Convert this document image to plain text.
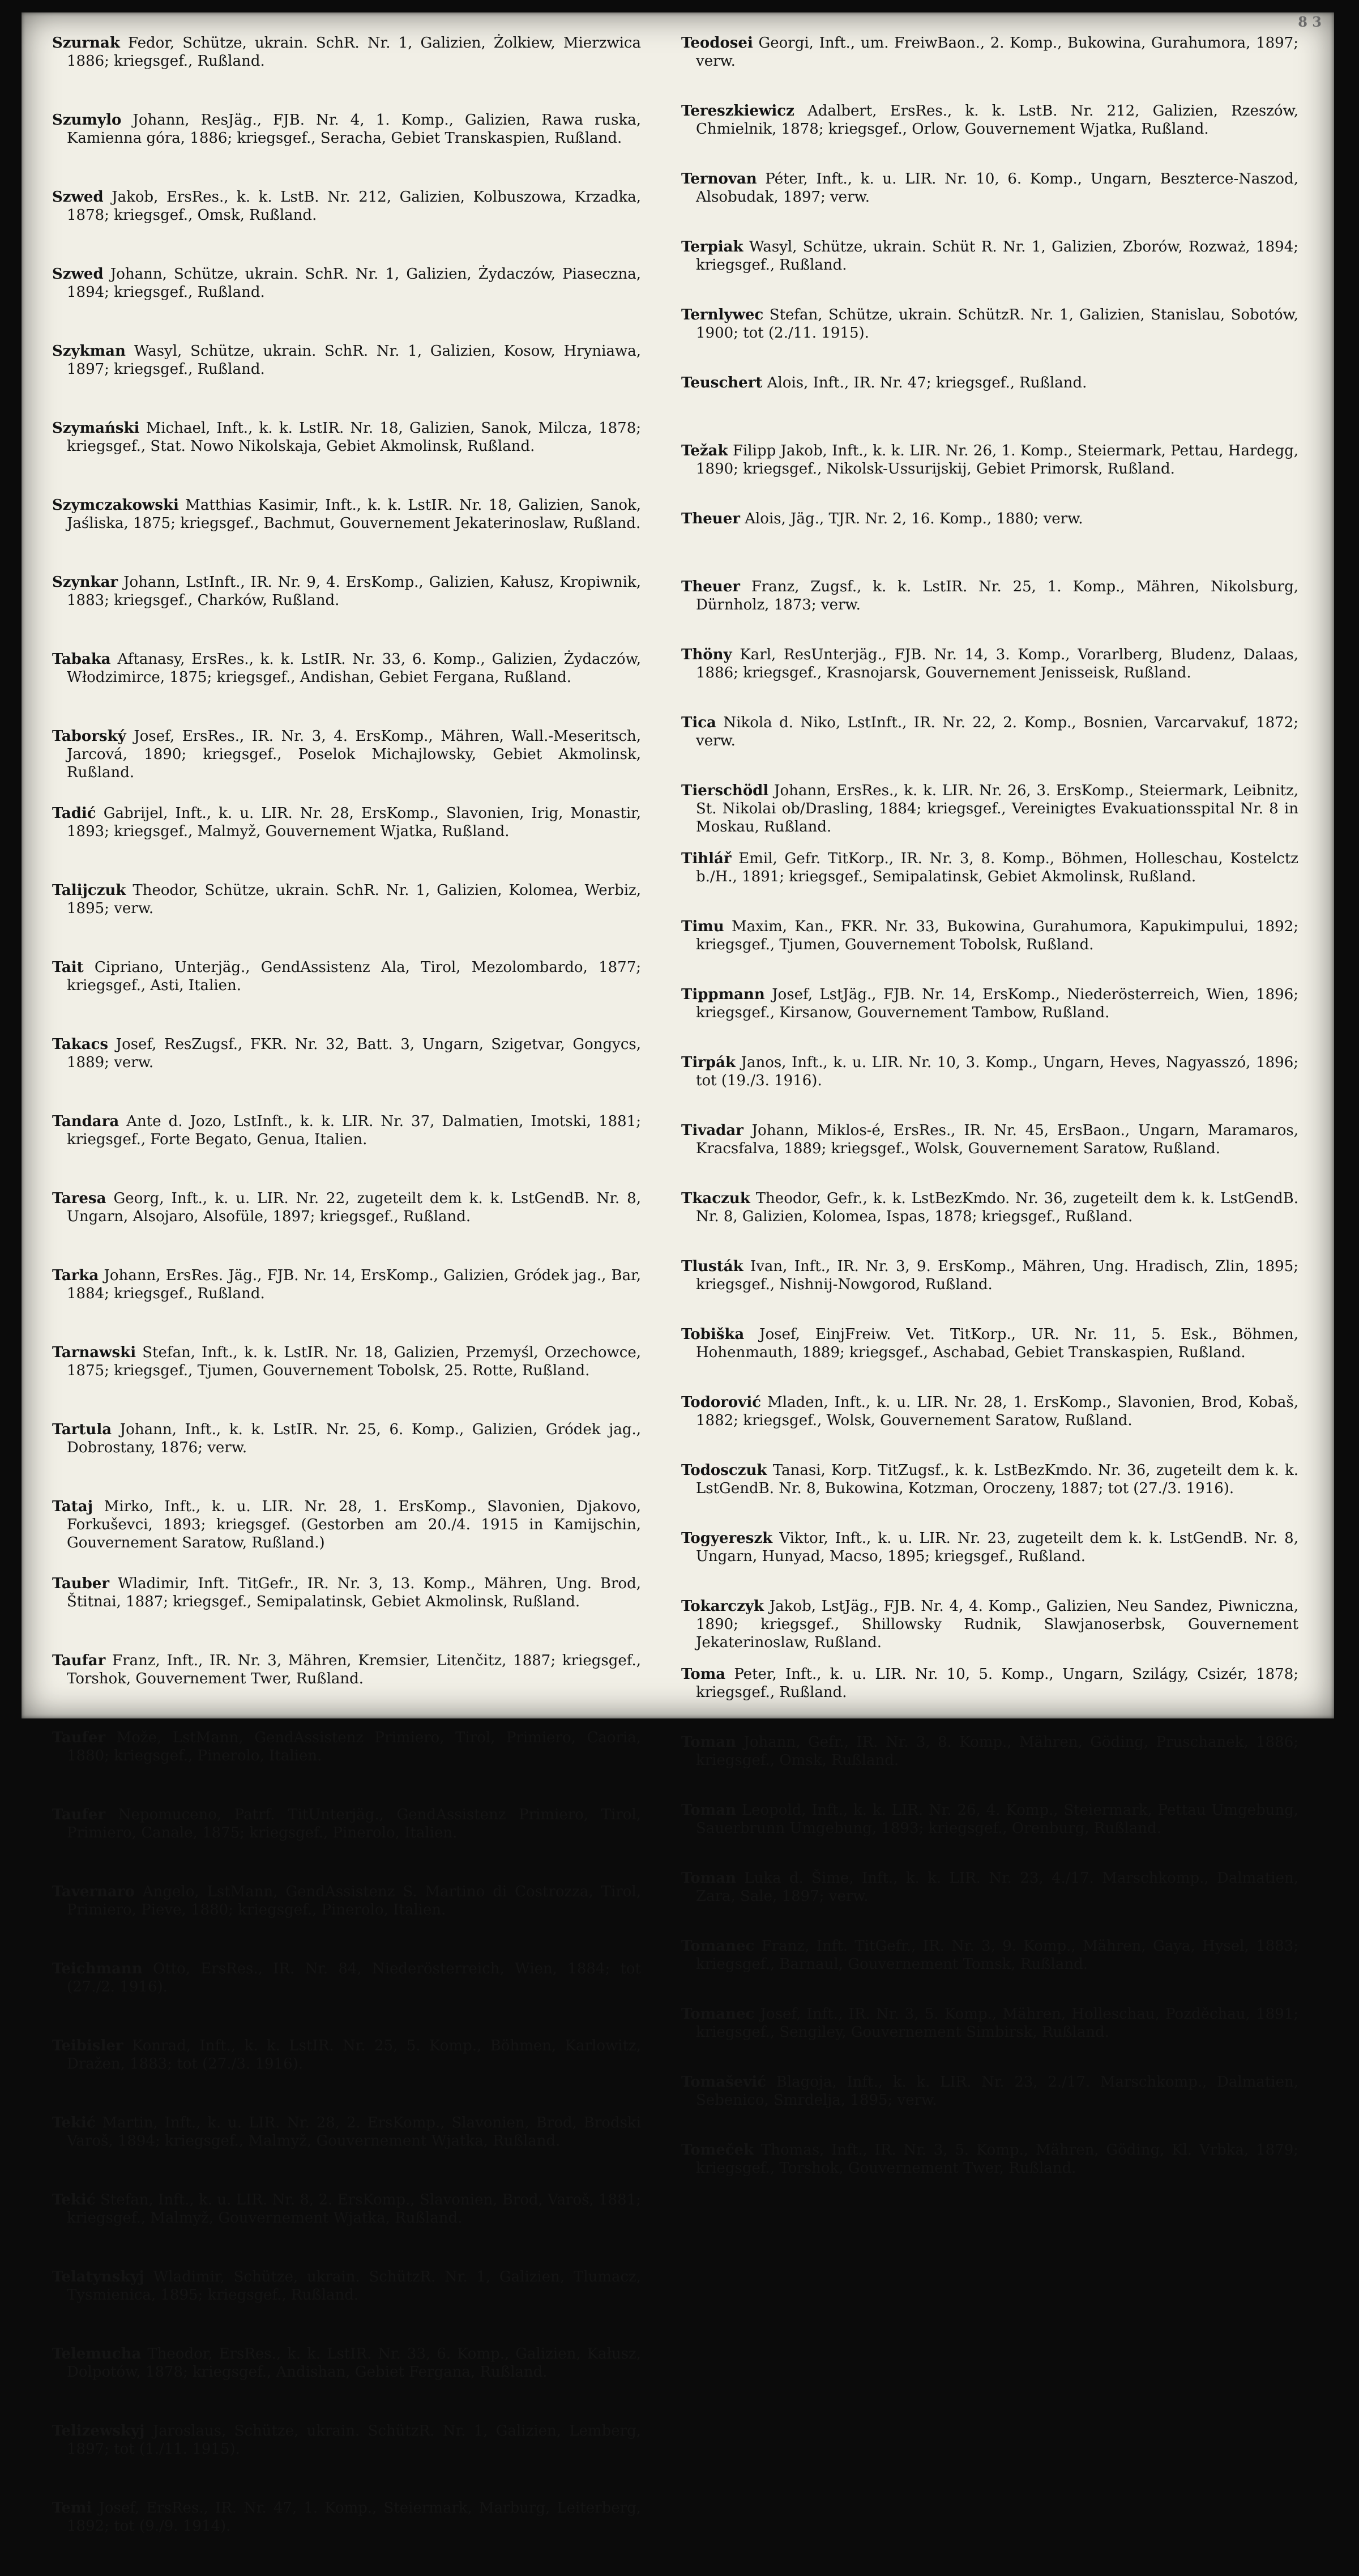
8 3

Szurnak Fedor, Schütze, ukrain. SchR. Nr. 1, Galizien, Żolkiew, Mierzwica 1886; kriegsgef., Rußland.

Szumylo Johann, ResJäg., FJB. Nr. 4, 1. Komp., Galizien, Rawa ruska, Kamienna góra, 1886; kriegsgef., Seracha, Gebiet Transkaspien, Rußland.

Szwed Jakob, ErsRes., k. k. LstB. Nr. 212, Galizien, Kolbuszowa, Krzadka, 1878; kriegsgef., Omsk, Rußland.

Szwed Johann, Schütze, ukrain. SchR. Nr. 1, Galizien, Żydaczów, Piaseczna, 1894; kriegsgef., Rußland.

Szykman Wasyl, Schütze, ukrain. SchR. Nr. 1, Galizien, Kosow, Hryniawa, 1897; kriegsgef., Rußland.

Szymański Michael, Inft., k. k. LstIR. Nr. 18, Galizien, Sanok, Milcza, 1878; kriegsgef., Stat. Nowo Nikolskaja, Gebiet Akmolinsk, Rußland.

Szymczakowski Matthias Kasimir, Inft., k. k. LstIR. Nr. 18, Galizien, Sanok, Jaśliska, 1875; kriegsgef., Bachmut, Gouvernement Jekaterinoslaw, Rußland.

Szynkar Johann, LstInft., IR. Nr. 9, 4. ErsKomp., Galizien, Kałusz, Kropiwnik, 1883; kriegsgef., Charków, Rußland.

Tabaka Aftanasy, ErsRes., k. k. LstIR. Nr. 33, 6. Komp., Galizien, Żydaczów, Włodzimirce, 1875; kriegsgef., Andishan, Gebiet Fergana, Rußland.

Taborský Josef, ErsRes., IR. Nr. 3, 4. ErsKomp., Mähren, Wall.-Meseritsch, Jarcová, 1890; kriegsgef., Poselok Michajlowsky, Gebiet Akmolinsk, Rußland.

Tadić Gabrijel, Inft., k. u. LIR. Nr. 28, ErsKomp., Slavonien, Irig, Monastir, 1893; kriegsgef., Malmyž, Gouvernement Wjatka, Rußland.

Talijczuk Theodor, Schütze, ukrain. SchR. Nr. 1, Galizien, Kolomea, Werbiz, 1895; verw.

Tait Cipriano, Unterjäg., GendAssistenz Ala, Tirol, Mezolombardo, 1877; kriegsgef., Asti, Italien.

Takacs Josef, ResZugsf., FKR. Nr. 32, Batt. 3, Ungarn, Szigetvar, Gongycs, 1889; verw.

Tandara Ante d. Jozo, LstInft., k. k. LIR. Nr. 37, Dalmatien, Imotski, 1881; kriegsgef., Forte Begato, Genua, Italien.

Taresa Georg, Inft., k. u. LIR. Nr. 22, zugeteilt dem k. k. LstGendB. Nr. 8, Ungarn, Alsojaro, Alsofüle, 1897; kriegsgef., Rußland.

Tarka Johann, ErsRes. Jäg., FJB. Nr. 14, ErsKomp., Galizien, Gródek jag., Bar, 1884; kriegsgef., Rußland.

Tarnawski Stefan, Inft., k. k. LstIR. Nr. 18, Galizien, Przemyśl, Orzechowce, 1875; kriegsgef., Tjumen, Gouvernement Tobolsk, 25. Rotte, Rußland.

Tartula Johann, Inft., k. k. LstIR. Nr. 25, 6. Komp., Galizien, Gródek jag., Dobrostany, 1876; verw.

Tataj Mirko, Inft., k. u. LIR. Nr. 28, 1. ErsKomp., Slavonien, Djakovo, Forkuševci, 1893; kriegsgef. (Gestorben am 20./4. 1915 in Kamijschin, Gouvernement Saratow, Rußland.)

Tauber Wladimir, Inft. TitGefr., IR. Nr. 3, 13. Komp., Mähren, Ung. Brod, Štitnai, 1887; kriegsgef., Semipalatinsk, Gebiet Akmolinsk, Rußland.

Taufar Franz, Inft., IR. Nr. 3, Mähren, Kremsier, Litenčitz, 1887; kriegsgef., Torshok, Gouvernement Twer, Rußland.

Taufer Može, LstMann, GendAssistenz Primiero, Tirol, Primiero, Caoria, 1880; kriegsgef., Pinerolo, Italien.

Taufer Nepomuceno, Patrf. TitUnterjäg., GendAssistenz Primiero, Tirol, Primiero, Canale, 1875; kriegsgef., Pinerolo, Italien.

Tavernaro Angelo, LstMann, GendAssistenz S. Martino di Costrozza, Tirol, Primiero, Pieve, 1880; kriegsgef., Pinerolo, Italien.

Teichmann Otto, ErsRes., IR. Nr. 84, Niederösterreich, Wien, 1884; tot (27./2. 1916).

Teibisler Konrad, Inft., k. k. LstIR. Nr. 25, 5. Komp., Böhmen, Karlowitz, Dražen, 1883; tot (27./3. 1916).

Tekić Martin, Inft., k. u. LIR. Nr. 28, 2. ErsKomp., Slavonien, Brod, Brodski Varoš, 1894; kriegsgef., Malmyž, Gouvernement Wjatka, Rußland.

Tekić Stefan, Inft., k. u. LIR. Nr. 8, 2. ErsKomp., Slavonien, Brod, Varoš, 1881; kriegsgef., Malmyž, Gouvernement Wjatka, Rußland.

Telatynskyj Wladimir, Schütze, ukrain. SchützR. Nr. 1, Galizien, Tlumacz, Tysmienica, 1895; kriegsgef., Rußland.

Telemucha Theodor, ErsRes., k. k. LstIR. Nr. 33, 6. Komp., Galizien, Kałusz, Dolpotów, 1878; kriegsgef., Andishan, Gebiet Fergana, Rußland.

Telizewskyj Jaroslaus, Schütze, ukrain. SchützR. Nr. 1, Galizien, Lemberg, 1897; tot (1./11. 1915).

Temi Josef, ErsRes., IR. Nr. 47, 1. Komp., Steiermark, Marburg, Leiterberg, 1892; tot (9./9. 1914).

Teodosei Georgi, Inft., um. FreiwBaon., 2. Komp., Bukowina, Gurahumora, 1897; verw.

Tereszkiewicz Adalbert, ErsRes., k. k. LstB. Nr. 212, Galizien, Rzeszów, Chmielnik, 1878; kriegsgef., Orlow, Gouvernement Wjatka, Rußland.

Ternovan Péter, Inft., k. u. LIR. Nr. 10, 6. Komp., Ungarn, Beszterce-Naszod, Alsobudak, 1897; verw.

Terpiak Wasyl, Schütze, ukrain. Schüt R. Nr. 1, Galizien, Zborów, Rozważ, 1894; kriegsgef., Rußland.

Ternlywec Stefan, Schütze, ukrain. SchützR. Nr. 1, Galizien, Stanislau, Sobotów, 1900; tot (2./11. 1915).

Teuschert Alois, Inft., IR. Nr. 47; kriegsgef., Rußland.

Težak Filipp Jakob, Inft., k. k. LIR. Nr. 26, 1. Komp., Steiermark, Pettau, Hardegg, 1890; kriegsgef., Nikolsk-Ussurijskij, Gebiet Primorsk, Rußland.

Theuer Alois, Jäg., TJR. Nr. 2, 16. Komp., 1880; verw.

Theuer Franz, Zugsf., k. k. LstIR. Nr. 25, 1. Komp., Mähren, Nikolsburg, Dürnholz, 1873; verw.

Thöny Karl, ResUnterjäg., FJB. Nr. 14, 3. Komp., Vorarlberg, Bludenz, Dalaas, 1886; kriegsgef., Krasnojarsk, Gouvernement Jenisseisk, Rußland.

Tica Nikola d. Niko, LstInft., IR. Nr. 22, 2. Komp., Bosnien, Varcarvakuf, 1872; verw.

Tierschödl Johann, ErsRes., k. k. LIR. Nr. 26, 3. ErsKomp., Steiermark, Leibnitz, St. Nikolai ob/Drasling, 1884; kriegsgef., Vereinigtes Evakuationsspital Nr. 8 in Moskau, Rußland.

Tihlář Emil, Gefr. TitKorp., IR. Nr. 3, 8. Komp., Böhmen, Holleschau, Kostelctz b./H., 1891; kriegsgef., Semipalatinsk, Gebiet Akmolinsk, Rußland.

Timu Maxim, Kan., FKR. Nr. 33, Bukowina, Gurahumora, Kapukimpului, 1892; kriegsgef., Tjumen, Gouvernement Tobolsk, Rußland.

Tippmann Josef, LstJäg., FJB. Nr. 14, ErsKomp., Niederösterreich, Wien, 1896; kriegsgef., Kirsanow, Gouvernement Tambow, Rußland.

Tirpák Janos, Inft., k. u. LIR. Nr. 10, 3. Komp., Ungarn, Heves, Nagyasszó, 1896; tot (19./3. 1916).

Tivadar Johann, Miklos-é, ErsRes., IR. Nr. 45, ErsBaon., Ungarn, Maramaros, Kracsfalva, 1889; kriegsgef., Wolsk, Gouvernement Saratow, Rußland.

Tkaczuk Theodor, Gefr., k. k. LstBezKmdo. Nr. 36, zugeteilt dem k. k. LstGendB. Nr. 8, Galizien, Kolomea, Ispas, 1878; kriegsgef., Rußland.

Tlusták Ivan, Inft., IR. Nr. 3, 9. ErsKomp., Mähren, Ung. Hradisch, Zlin, 1895; kriegsgef., Nishnij-Nowgorod, Rußland.

Tobiška Josef, EinjFreiw. Vet. TitKorp., UR. Nr. 11, 5. Esk., Böhmen, Hohenmauth, 1889; kriegsgef., Aschabad, Gebiet Transkaspien, Rußland.

Todorović Mladen, Inft., k. u. LIR. Nr. 28, 1. ErsKomp., Slavonien, Brod, Kobaš, 1882; kriegsgef., Wolsk, Gouvernement Saratow, Rußland.

Todosczuk Tanasi, Korp. TitZugsf., k. k. LstBezKmdo. Nr. 36, zugeteilt dem k. k. LstGendB. Nr. 8, Bukowina, Kotzman, Oroczeny, 1887; tot (27./3. 1916).

Togyereszk Viktor, Inft., k. u. LIR. Nr. 23, zugeteilt dem k. k. LstGendB. Nr. 8, Ungarn, Hunyad, Macso, 1895; kriegsgef., Rußland.

Tokarczyk Jakob, LstJäg., FJB. Nr. 4, 4. Komp., Galizien, Neu Sandez, Piwniczna, 1890; kriegsgef., Shillowsky Rudnik, Slawjanoserbsk, Gouvernement Jekaterinoslaw, Rußland.

Toma Peter, Inft., k. u. LIR. Nr. 10, 5. Komp., Ungarn, Szilágy, Csizér, 1878; kriegsgef., Rußland.

Toman Johann, Gefr., IR. Nr. 3, 8. Komp., Mähren, Göding, Pruschanek, 1886; kriegsgef., Omsk, Rußland.

Toman Leopold, Inft., k. k. LIR. Nr. 26, 4. Komp., Steiermark, Pettau Umgebung, Sauerbrunn Umgebung, 1893; kriegsgef., Orenburg, Rußland.

Toman Luka d. Šime, Inft., k. k. LIR. Nr. 23, 4./17. Marschkomp., Dalmatien, Zara, Sale, 1897; verw.

Tomanec Franz, Inft. TitGefr., IR. Nr. 3, 9. Komp., Mähren, Gaya, Hysel, 1883; kriegsgef., Barnaul, Gouvernement Tomsk, Rußland.

Tomanec Josef, Inft., IR. Nr. 3, 5. Komp., Mähren, Holleschau, Pozděchau, 1891; kriegsgef., Sengiley, Gouvernement Simbirsk, Rußland.

Tomašević Blagoja, Inft., k. k. LIR. Nr. 23, 2./17. Marschkomp., Dalmatien, Sebenico, Smrdelja, 1895; verw.

Tomeček Thomas, Inft., IR. Nr. 3, 5. Komp., Mähren, Göding, Kl. Vrbka, 1879; kriegsgef., Torshok, Gouvernement Twer, Rußland.
